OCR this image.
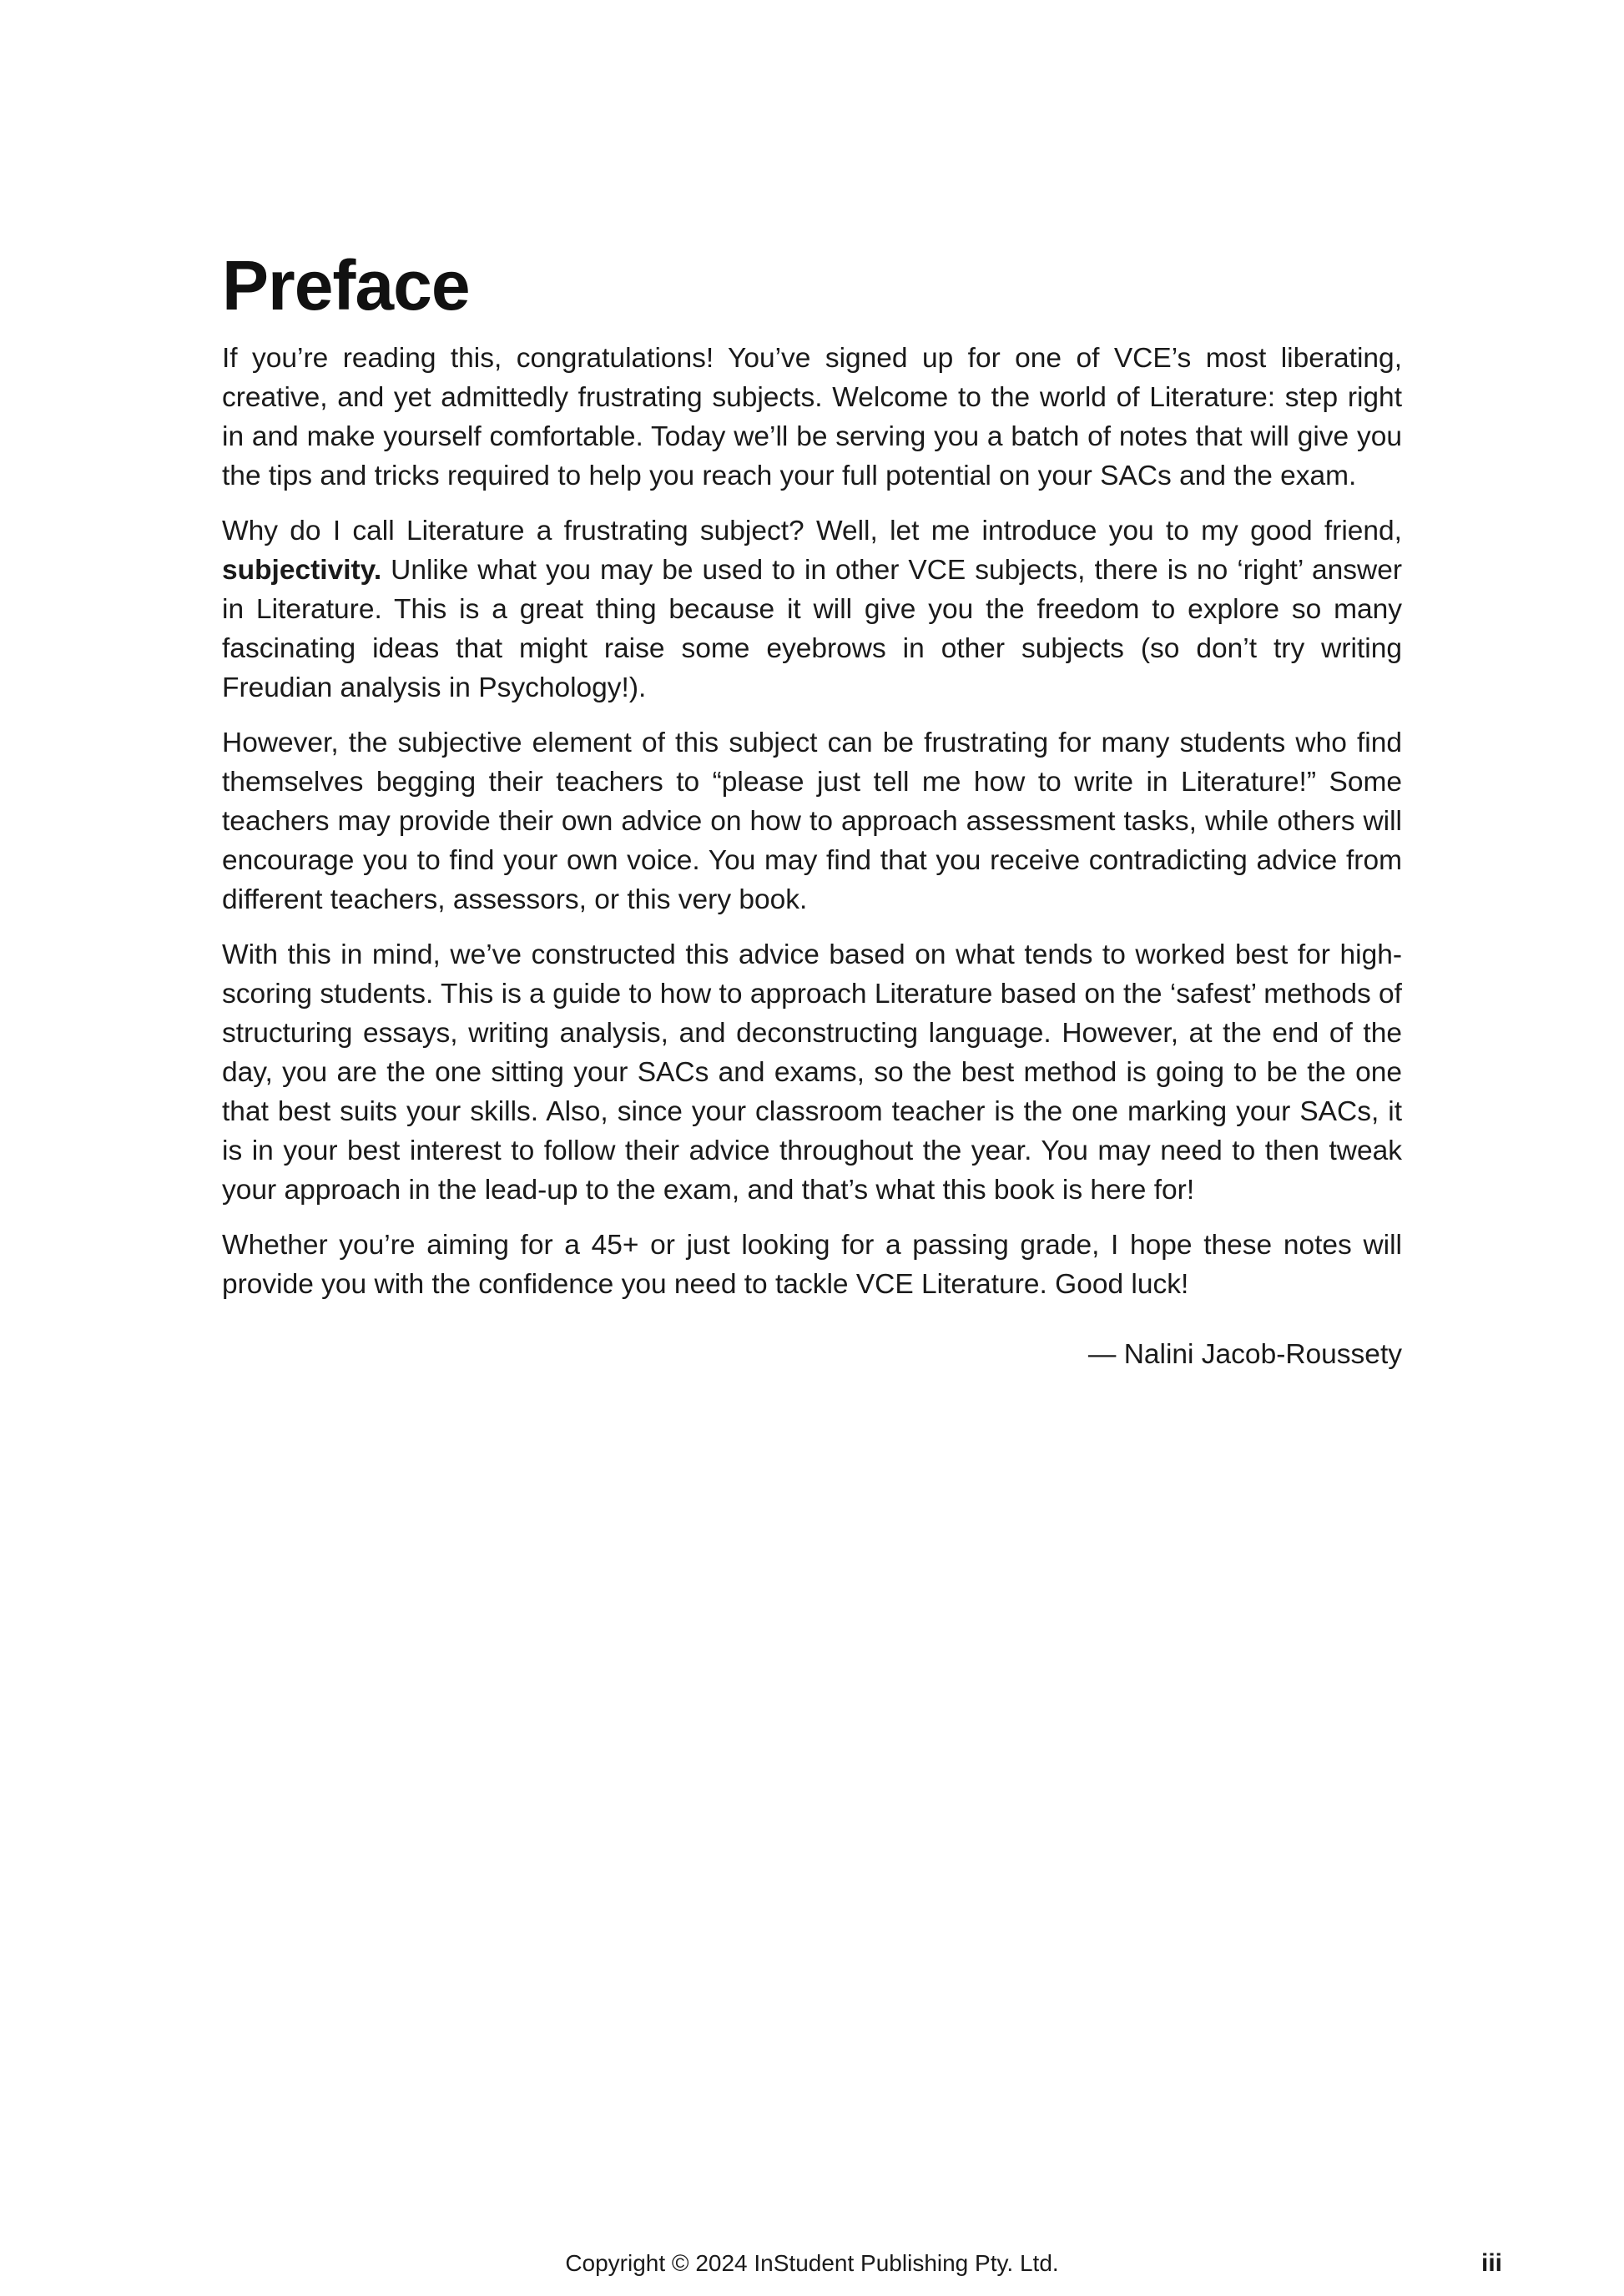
Preface

If you’re reading this, congratulations! You’ve signed up for one of VCE’s most liberating, creative, and yet admittedly frustrating subjects. Welcome to the world of Literature: step right in and make yourself comfortable. Today we’ll be serving you a batch of notes that will give you the tips and tricks required to help you reach your full potential on your SACs and the exam.

Why do I call Literature a frustrating subject? Well, let me introduce you to my good friend, subjectivity. Unlike what you may be used to in other VCE subjects, there is no ‘right’ answer in Literature. This is a great thing because it will give you the freedom to explore so many fascinating ideas that might raise some eyebrows in other subjects (so don’t try writing Freudian analysis in Psychology!).

However, the subjective element of this subject can be frustrating for many students who find themselves begging their teachers to “please just tell me how to write in Literature!” Some teachers may provide their own advice on how to approach assessment tasks, while others will encourage you to find your own voice. You may find that you receive contradicting advice from different teachers, assessors, or this very book.

With this in mind, we’ve constructed this advice based on what tends to worked best for high-scoring students. This is a guide to how to approach Literature based on the ‘safest’ methods of structuring essays, writing analysis, and deconstructing language. However, at the end of the day, you are the one sitting your SACs and exams, so the best method is going to be the one that best suits your skills. Also, since your classroom teacher is the one marking your SACs, it is in your best interest to follow their advice throughout the year. You may need to then tweak your approach in the lead-up to the exam, and that’s what this book is here for!

Whether you’re aiming for a 45+ or just looking for a passing grade, I hope these notes will provide you with the confidence you need to tackle VCE Literature. Good luck!

— Nalini Jacob-Roussety
Copyright © 2024 InStudent Publishing Pty. Ltd.	iii
